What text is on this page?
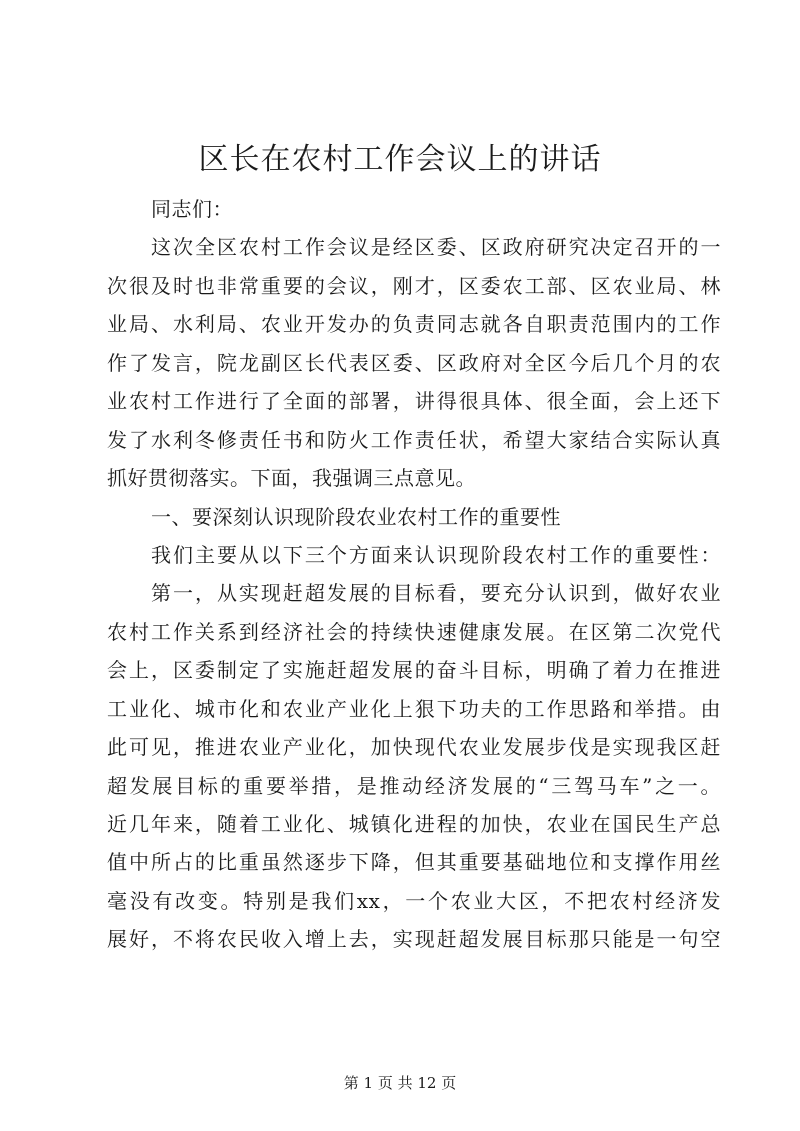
区长在农村工作会议上的讲话
同志们：
这次全区农村工作会议是经区委、区政府研究决定召开的一
次很及时也非常重要的会议，刚才，区委农工部、区农业局、林
业局、水利局、农业开发办的负责同志就各自职责范围内的工作
作了发言，院龙副区长代表区委、区政府对全区今后几个月的农
业农村工作进行了全面的部署，讲得很具体、很全面，会上还下
发了水利冬修责任书和防火工作责任状，希望大家结合实际认真
抓好贯彻落实。下面，我强调三点意见。
一、要深刻认识现阶段农业农村工作的重要性
我们主要从以下三个方面来认识现阶段农村工作的重要性：
第一，从实现赶超发展的目标看，要充分认识到，做好农业
农村工作关系到经济社会的持续快速健康发展。在区第二次党代
会上，区委制定了实施赶超发展的奋斗目标，明确了着力在推进
工业化、城市化和农业产业化上狠下功夫的工作思路和举措。由
此可见，推进农业产业化，加快现代农业发展步伐是实现我区赶
超发展目标的重要举措，是推动经济发展的“三驾马车”之一。
近几年来，随着工业化、城镇化进程的加快，农业在国民生产总
值中所占的比重虽然逐步下降，但其重要基础地位和支撑作用丝
毫没有改变。特别是我们xx，一个农业大区，不把农村经济发
展好，不将农民收入增上去，实现赶超发展目标那只能是一句空
第 1 页 共 12 页
